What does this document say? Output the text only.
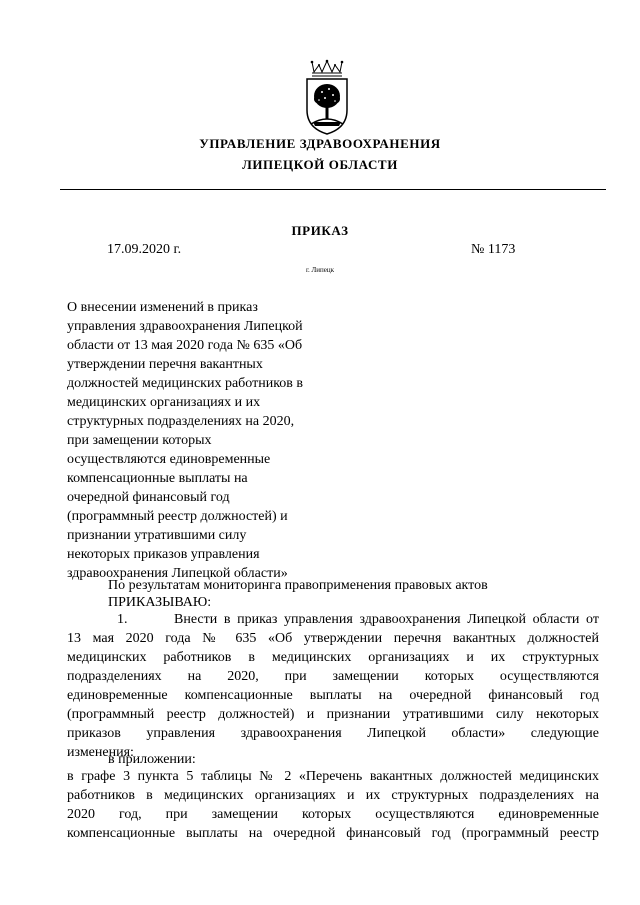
УПРАВЛЕНИЕ ЗДРАВООХРАНЕНИЯ
ЛИПЕЦКОЙ ОБЛАСТИ
ПРИКАЗ
17.09.2020 г.	№ 1173
г. Липецк
О внесении изменений в приказ
управления здравоохранения Липецкой
области от 13 мая 2020 года № 635 «Об
утверждении перечня вакантных
должностей медицинских работников в
медицинских организациях и их
структурных подразделениях на 2020,
при замещении которых
осуществляются единовременные
компенсационные выплаты на
очередной финансовый год
(программный реестр должностей) и
признании утратившими силу
некоторых приказов управления
здравоохранения Липецкой области»
По результатам мониторинга правоприменения правовых актов
ПРИКАЗЫВАЮ:
1.	Внести в приказ управления здравоохранения Липецкой области от
13 мая 2020 года № 635 «Об утверждении перечня вакантных должностей
медицинских работников в медицинских организациях и их структурных
подразделениях на 2020, при замещении которых осуществляются
единовременные компенсационные выплаты на очередной финансовый год
(программный реестр должностей) и признании утратившими силу некоторых
приказов управления здравоохранения Липецкой области» следующие
изменения:
в приложении:
в графе 3 пункта 5 таблицы № 2 «Перечень вакантных должностей медицинских
работников в медицинских организациях и их структурных подразделениях на
2020 год, при замещении которых осуществляются единовременные
компенсационные выплаты на очередной финансовый год (программный реестр
